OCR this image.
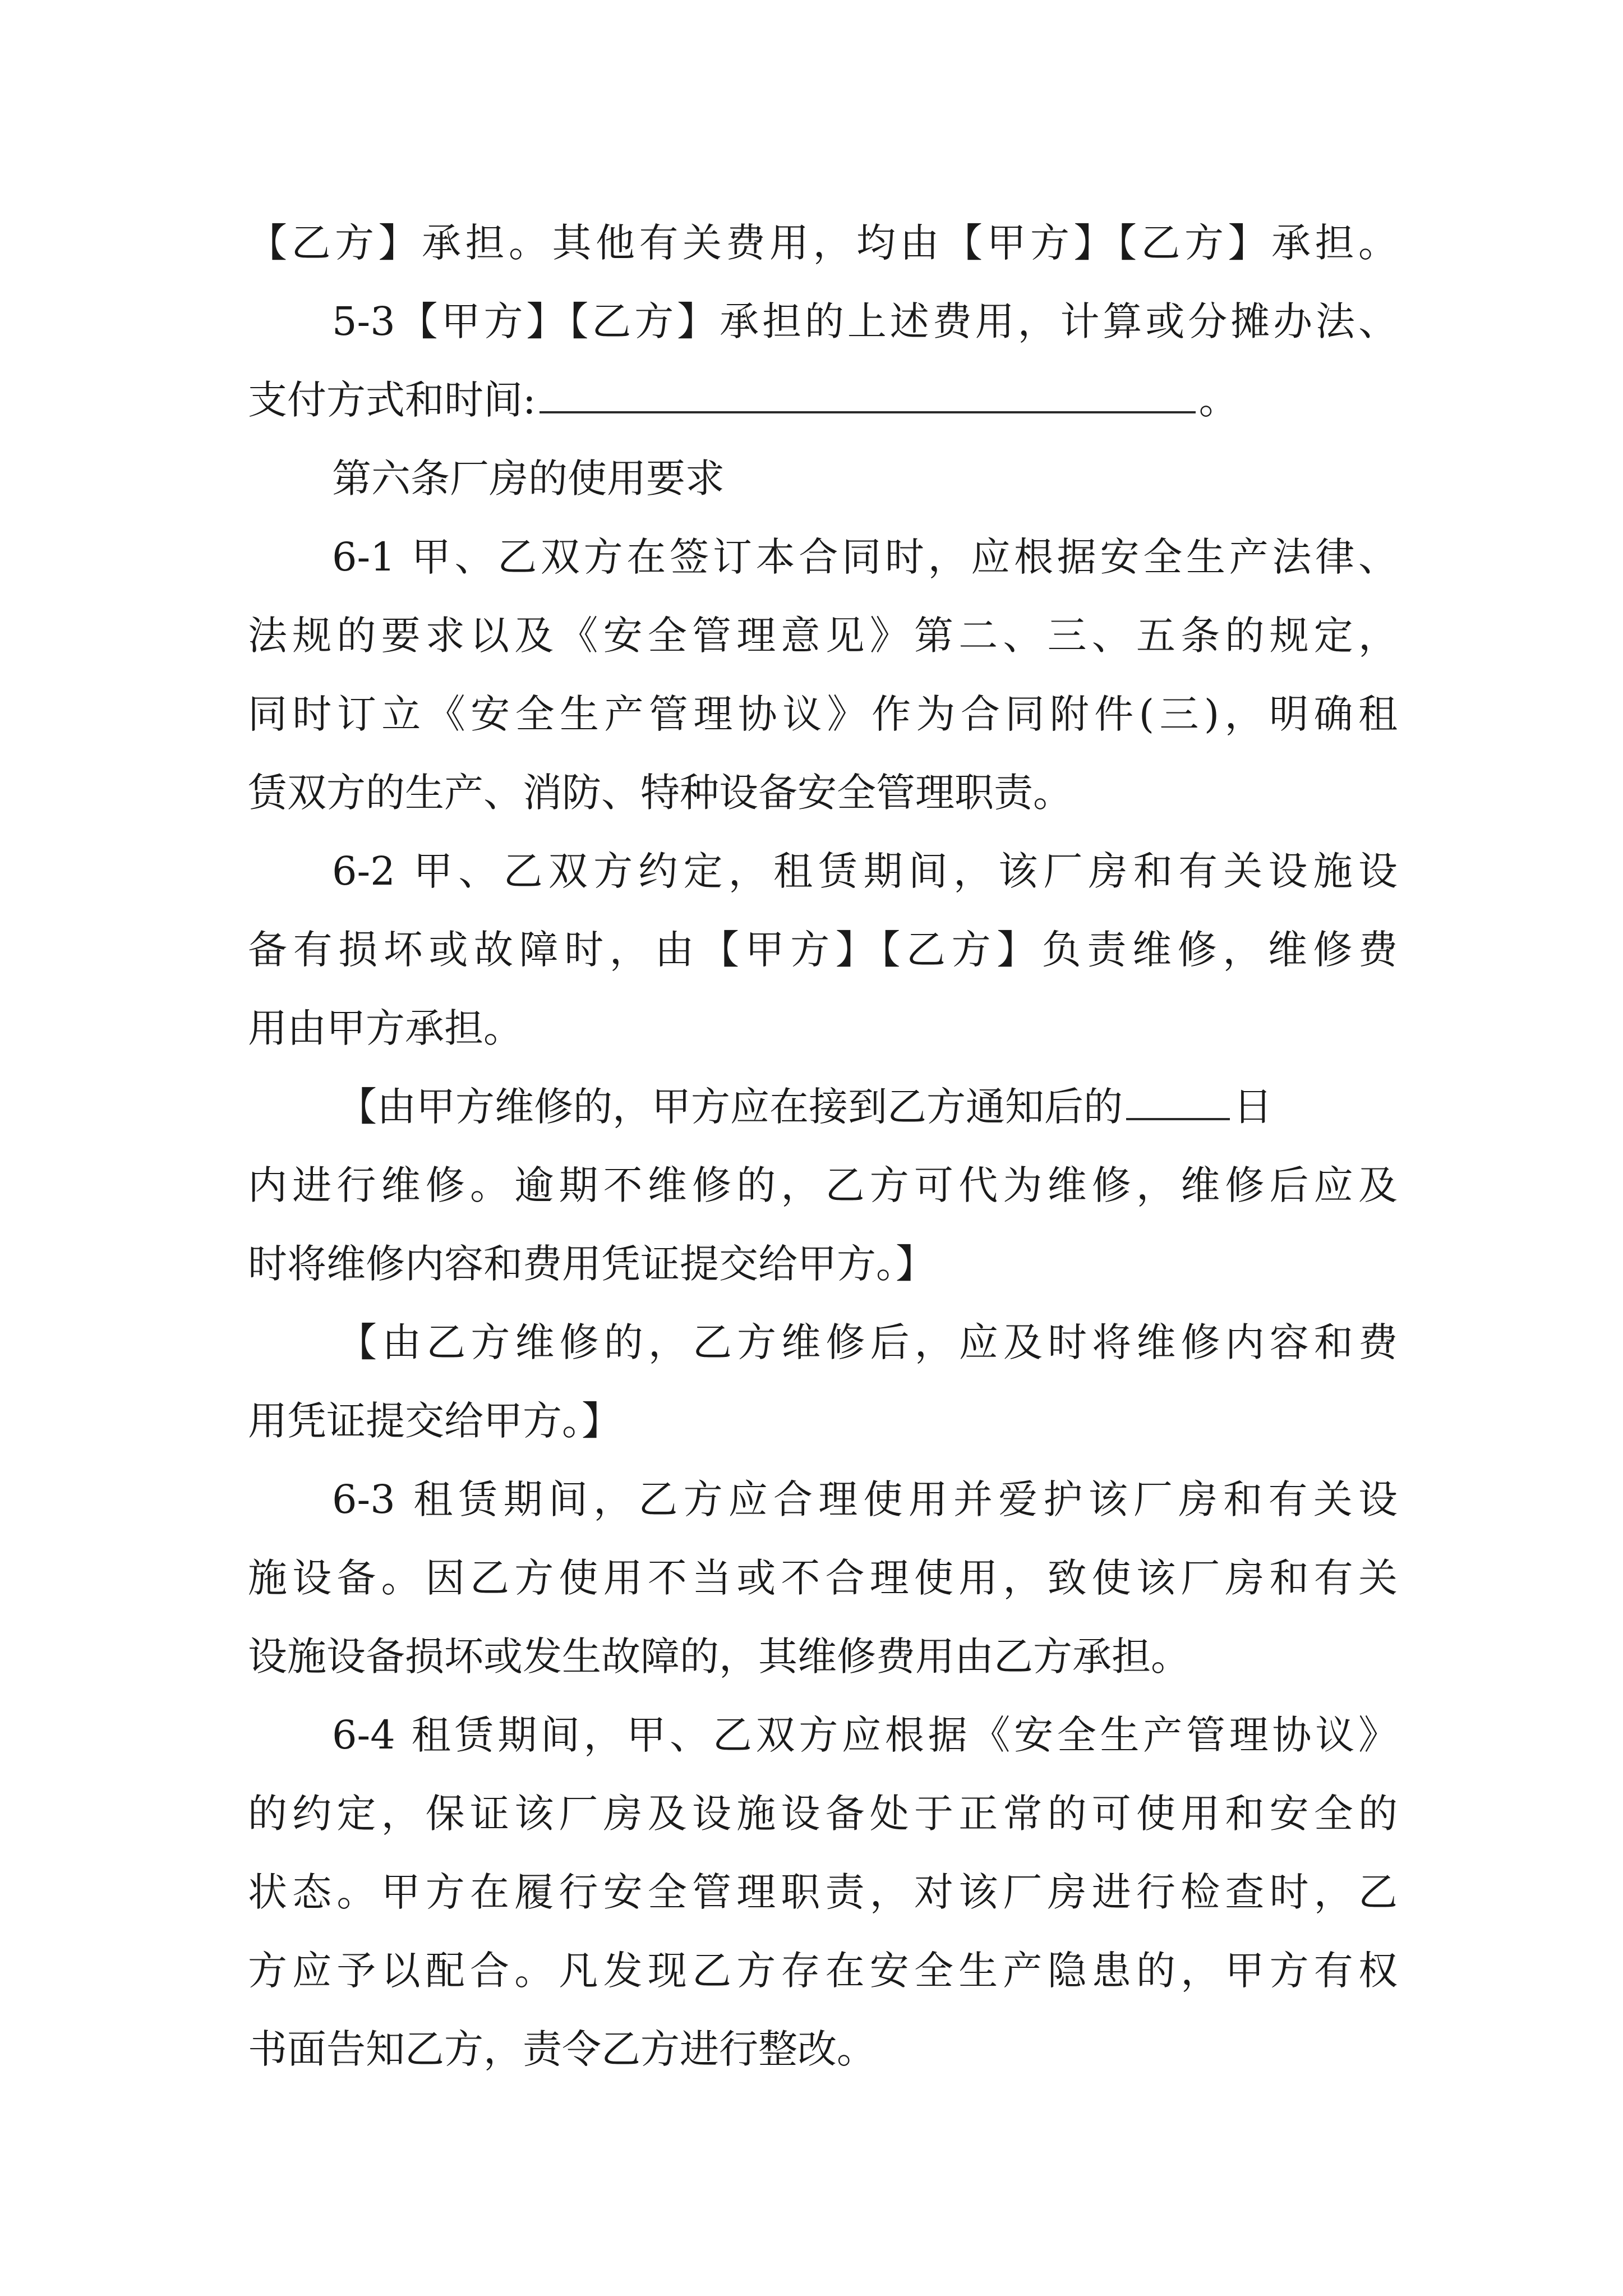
【乙方】承担。其他有关费用，均由【甲方】【乙方】承担。
5-3【甲方】【乙方】承担的上述费用，计算或分摊办法、
支付方式和时间:	。
第六条厂房的使用要求
6-1 甲、乙双方在签订本合同时，应根据安全生产法律、
法规的要求以及《安全管理意见》第二、三、五条的规定，
同时订立《安全生产管理协议》作为合同附件(三)，明确租
赁双方的生产、消防、特种设备安全管理职责。
6-2 甲、乙双方约定，租赁期间，该厂房和有关设施设
备有损坏或故障时，由【甲方】【乙方】负责维修，维修费
用由甲方承担。
【由甲方维修的，甲方应在接到乙方通知后的	日
内进行维修。逾期不维修的，乙方可代为维修，维修后应及
时将维修内容和费用凭证提交给甲方。】
【由乙方维修的，乙方维修后，应及时将维修内容和费
用凭证提交给甲方。】
6-3 租赁期间，乙方应合理使用并爱护该厂房和有关设
施设备。因乙方使用不当或不合理使用，致使该厂房和有关
设施设备损坏或发生故障的，其维修费用由乙方承担。
6-4 租赁期间，甲、乙双方应根据《安全生产管理协议》
的约定，保证该厂房及设施设备处于正常的可使用和安全的
状态。甲方在履行安全管理职责，对该厂房进行检查时，乙
方应予以配合。凡发现乙方存在安全生产隐患的，甲方有权
书面告知乙方，责令乙方进行整改。
